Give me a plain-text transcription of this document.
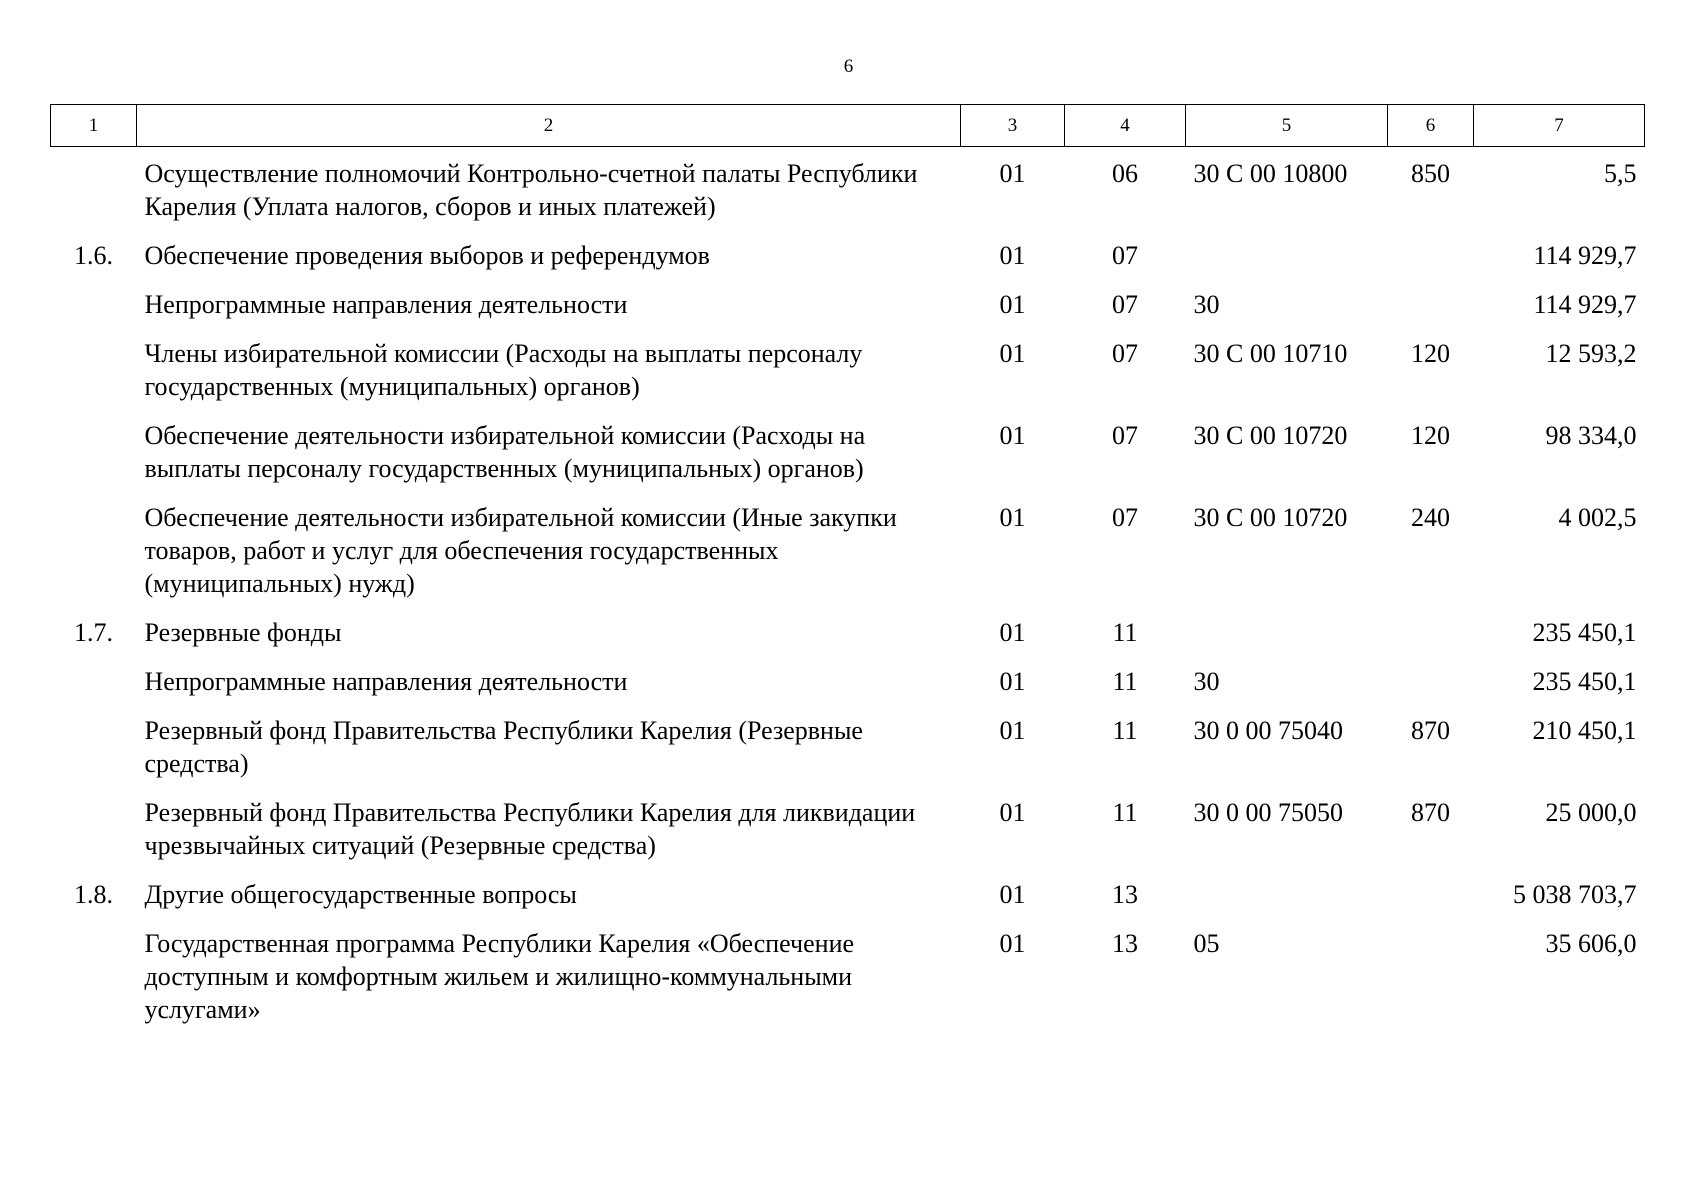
6
1	2	3	4	5	6	7
	Осуществление полномочий Контрольно-счетной палаты Республики Карелия (Уплата налогов, сборов и иных платежей)	01	06	30 С 00 10800	850	5,5
1.6.	Обеспечение проведения выборов и референдумов	01	07			114 929,7
	Непрограммные направления деятельности	01	07	30		114 929,7
	Члены избирательной комиссии (Расходы на выплаты персоналу государственных (муниципальных) органов)	01	07	30 С 00 10710	120	12 593,2
	Обеспечение деятельности избирательной комиссии (Расходы на выплаты персоналу государственных (муниципальных) органов)	01	07	30 С 00 10720	120	98 334,0
	Обеспечение деятельности избирательной комиссии (Иные закупки товаров, работ и услуг для обеспечения государственных (муниципальных) нужд)	01	07	30 С 00 10720	240	4 002,5
1.7.	Резервные фонды	01	11			235 450,1
	Непрограммные направления деятельности	01	11	30		235 450,1
	Резервный фонд Правительства Республики Карелия (Резервные средства)	01	11	30 0 00 75040	870	210 450,1
	Резервный фонд Правительства Республики Карелия для ликвидации чрезвычайных ситуаций (Резервные средства)	01	11	30 0 00 75050	870	25 000,0
1.8.	Другие общегосударственные вопросы	01	13			5 038 703,7
	Государственная программа Республики Карелия «Обеспечение доступным и комфортным жильем и жилищно-коммунальными услугами»	01	13	05		35 606,0
